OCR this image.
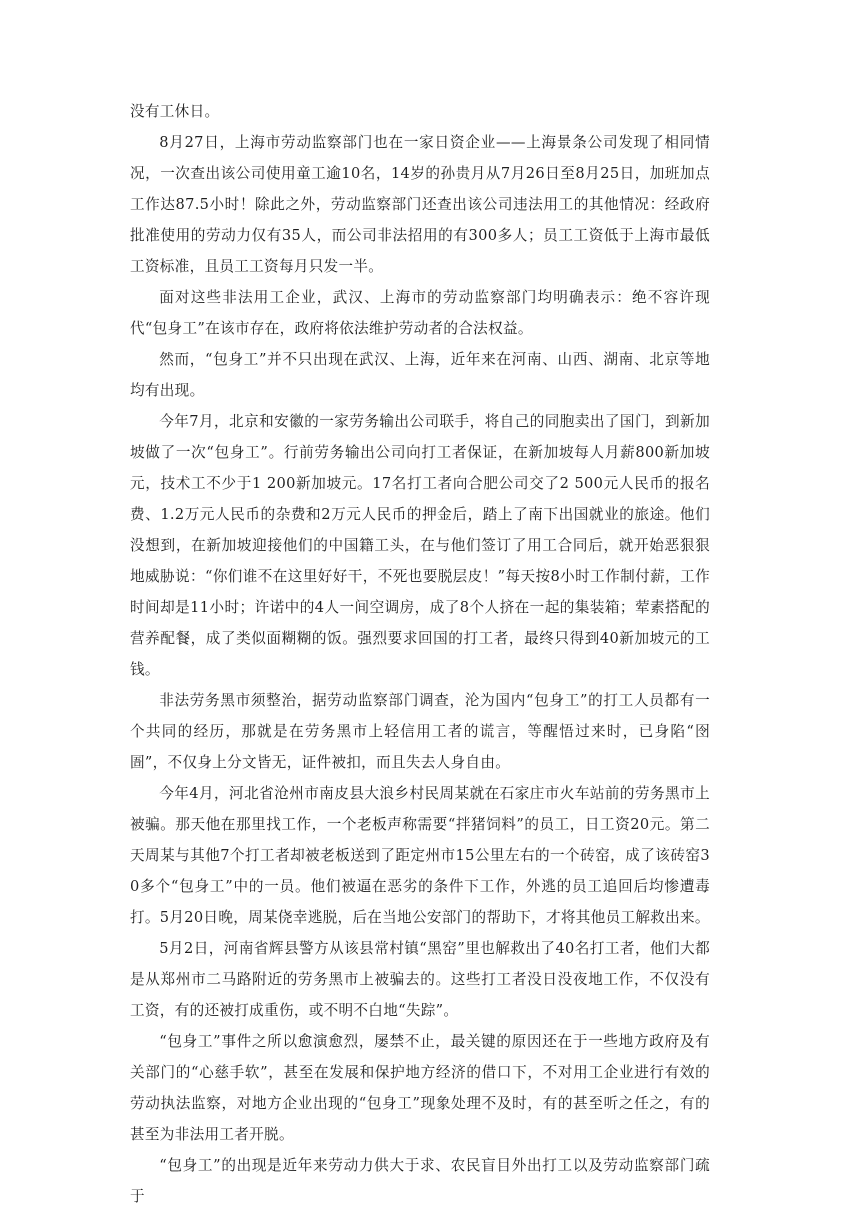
没有工休日。

8月27日，上海市劳动监察部门也在一家日资企业——上海景条公司发现了相同情况，一次查出该公司使用童工逾10名，14岁的孙贵月从7月26日至8月25日，加班加点工作达87.5小时！除此之外，劳动监察部门还查出该公司违法用工的其他情况：经政府批准使用的劳动力仅有35人，而公司非法招用的有300多人；员工工资低于上海市最低工资标准，且员工工资每月只发一半。

面对这些非法用工企业，武汉、上海市的劳动监察部门均明确表示：绝不容许现代“包身工”在该市存在，政府将依法维护劳动者的合法权益。

然而，“包身工”并不只出现在武汉、上海，近年来在河南、山西、湖南、北京等地均有出现。

今年7月，北京和安徽的一家劳务输出公司联手，将自己的同胞卖出了国门，到新加坡做了一次“包身工”。行前劳务输出公司向打工者保证，在新加坡每人月薪800新加坡元，技术工不少于1 200新加坡元。17名打工者向合肥公司交了2 500元人民币的报名费、1.2万元人民币的杂费和2万元人民币的押金后，踏上了南下出国就业的旅途。他们没想到，在新加坡迎接他们的中国籍工头，在与他们签订了用工合同后，就开始恶狠狠地威胁说：“你们谁不在这里好好干，不死也要脱层皮！”每天按8小时工作制付薪，工作时间却是11小时；许诺中的4人一间空调房，成了8个人挤在一起的集装箱；荤素搭配的营养配餐，成了类似面糊糊的饭。强烈要求回国的打工者，最终只得到40新加坡元的工钱。

非法劳务黑市须整治，据劳动监察部门调查，沦为国内“包身工”的打工人员都有一个共同的经历，那就是在劳务黑市上轻信用工者的谎言，等醒悟过来时，已身陷“囹圄”，不仅身上分文皆无，证件被扣，而且失去人身自由。

今年4月，河北省沧州市南皮县大浪乡村民周某就在石家庄市火车站前的劳务黑市上被骗。那天他在那里找工作，一个老板声称需要“拌猪饲料”的员工，日工资20元。第二天周某与其他7个打工者却被老板送到了距定州市15公里左右的一个砖窑，成了该砖窑30多个“包身工”中的一员。他们被逼在恶劣的条件下工作，外逃的员工追回后均惨遭毒打。5月20日晚，周某侥幸逃脱，后在当地公安部门的帮助下，才将其他员工解救出来。

5月2日，河南省辉县警方从该县常村镇“黑窑”里也解救出了40名打工者，他们大都是从郑州市二马路附近的劳务黑市上被骗去的。这些打工者没日没夜地工作，不仅没有工资，有的还被打成重伤，或不明不白地“失踪”。

“包身工”事件之所以愈演愈烈，屡禁不止，最关键的原因还在于一些地方政府及有关部门的“心慈手软”，甚至在发展和保护地方经济的借口下，不对用工企业进行有效的劳动执法监察，对地方企业出现的“包身工”现象处理不及时，有的甚至听之任之，有的甚至为非法用工者开脱。

“包身工”的出现是近年来劳动力供大于求、农民盲目外出打工以及劳动监察部门疏于
